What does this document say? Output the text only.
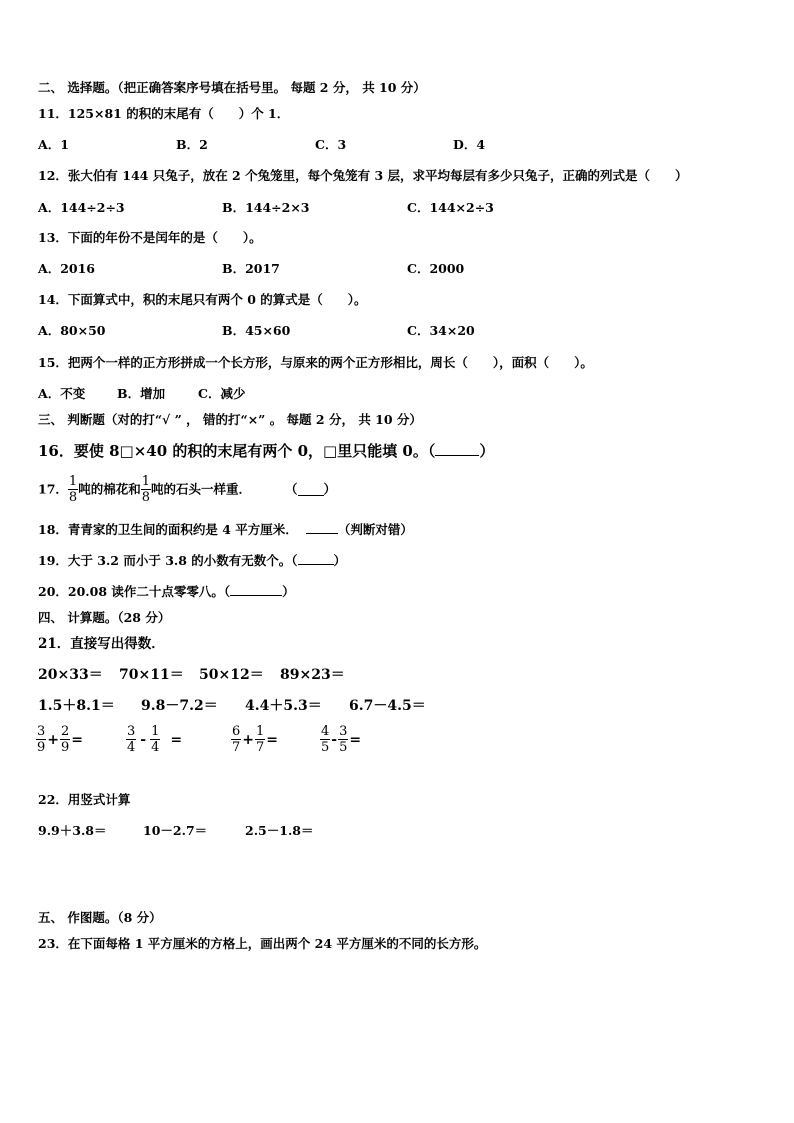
二、 选择题。（把正确答案序号填在括号里。 每题 2 分， 共 10 分）
11．125×81 的积的末尾有（　　）个 1．
A．1	B．2	C．3	D．4
12．张大伯有 144 只兔子，放在 2 个兔笼里，每个兔笼有 3 层，求平均每层有多少只兔子，正确的列式是（　　）
A．144÷2÷3	B．144÷2×3	C．144×2÷3
13．下面的年份不是闰年的是（　　）。
A．2016	B．2017	C．2000
14．下面算式中，积的末尾只有两个 0 的算式是（　　）。
A．80×50	B．45×60	C．34×20
15．把两个一样的正方形拼成一个长方形，与原来的两个正方形相比，周长（　　），面积（　　）。
A．不变	B．增加	C．减少
三、 判断题（对的打“√ ” ， 错的打“×” 。 每题 2 分， 共 10 分）
16．要使 8□×40 的积的末尾有两个 0，□里只能填 0。（	）
17． $\frac{1}{8}$ 吨的棉花和 $\frac{1}{8}$ 吨的石头一样重．	（ ）
18．青青家的卫生间的面积约是 4 平方厘米．	（判断对错）
19．大于 3.2 而小于 3.8 的小数有无数个。（	）
20．20.08 读作二十点零零八。（	）
四、 计算题。（28 分）
21．直接写出得数．
20×33＝ 70×11＝ 50×12＝ 89×23＝
1.5＋8.1＝ 9.8－7.2＝ 4.4＋5.3＝ 6.7－4.5＝
$\frac{3}{9} + \frac{2}{9}$ =	$\frac{3}{4} - \frac{1}{4}$ =	$\frac{6}{7} + \frac{1}{7}$ =	$\frac{4}{5} - \frac{3}{5}$ =
22．用竖式计算
9.9＋3.8＝	10－2.7＝	2.5－1.8＝
五、 作图题。（8 分）
23．在下面每格 1 平方厘米的方格上，画出两个 24 平方厘米的不同的长方形。
